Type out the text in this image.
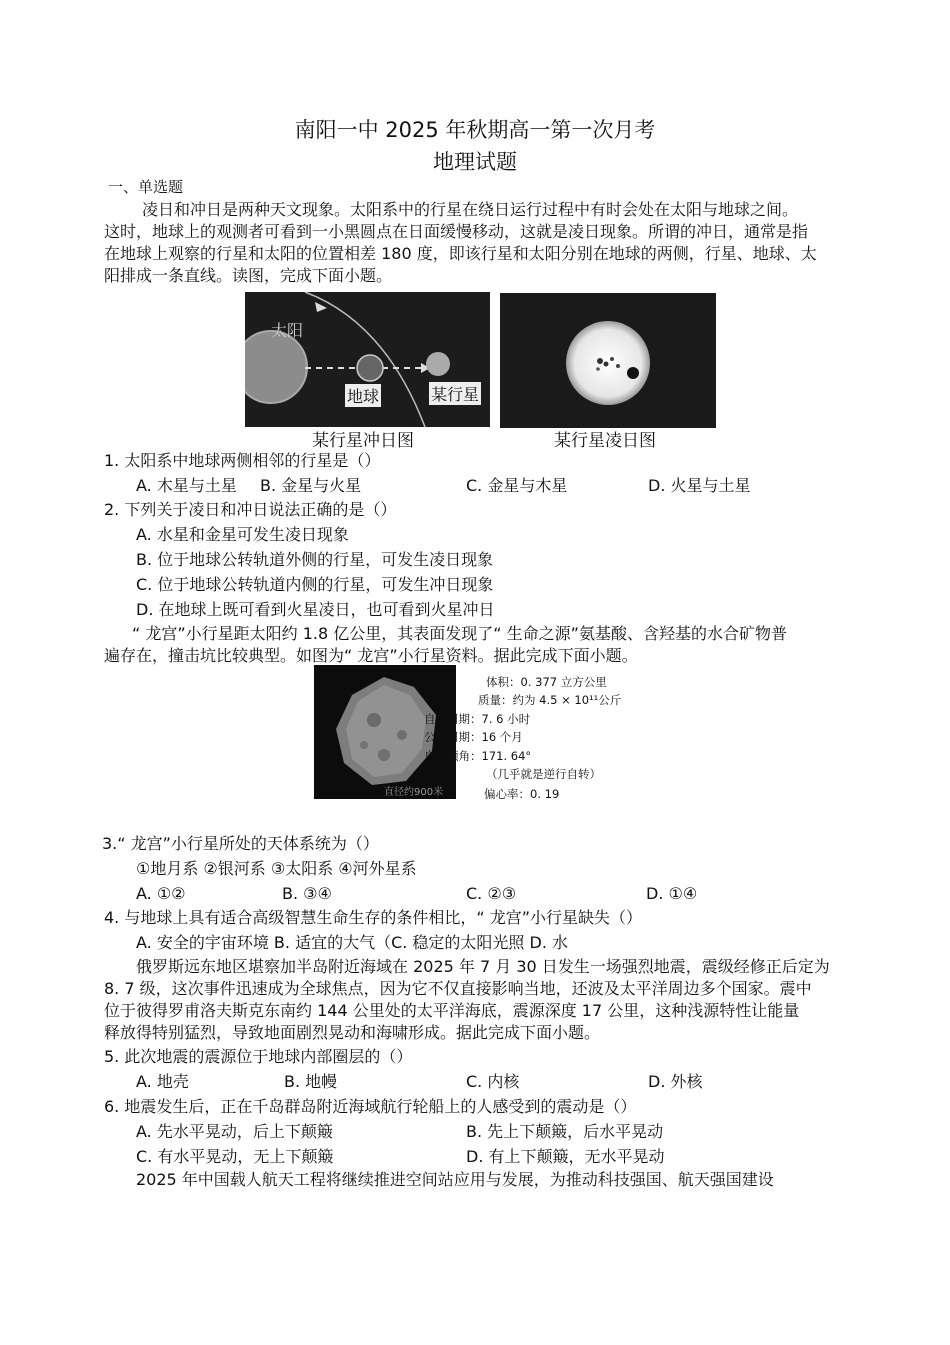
南阳一中 2025 年秋期高一第一次月考
地理试题
一、单选题
凌日和冲日是两种天文现象。太阳系中的行星在绕日运行过程中有时会处在太阳与地球之间。
这时，地球上的观测者可看到一小黑圆点在日面缓慢移动，这就是凌日现象。所谓的冲日，通常是指
在地球上观察的行星和太阳的位置相差 180 度，即该行星和太阳分别在地球的两侧，行星、地球、太
阳排成一条直线。读图，完成下面小题。
太阳
地球	某行星
某行星冲日图	某行星凌日图
1. 太阳系中地球两侧相邻的行星是（）
A. 木星与土星 B. 金星与火星	C. 金星与木星	D. 火星与土星
2. 下列关于凌日和冲日说法正确的是（）
A. 水星和金星可发生凌日现象
B. 位于地球公转轨道外侧的行星，可发生凌日现象
C. 位于地球公转轨道内侧的行星，可发生冲日现象
D. 在地球上既可看到火星凌日，也可看到火星冲日
“ 龙宫”小行星距太阳约 1.8 亿公里，其表面发现了“ 生命之源”氨基酸、含羟基的水合矿物普
遍存在，撞击坑比较典型。如图为“ 龙宫”小行星资料。据此完成下面小题。
直径约900米
体积：0. 377 立方公里
质量：约为 4.5 × 10¹¹公斤
自转周期：7. 6 小时
公转周期：16 个月
自转倾角：171. 64°
（几乎就是逆行自转）
偏心率：0. 19
3.“ 龙宫”小行星所处的天体系统为（）
①地月系 ②银河系 ③太阳系 ④河外星系
A. ①②	B. ③④	C. ②③	D. ①④
4. 与地球上具有适合高级智慧生命生存的条件相比，“ 龙宫”小行星缺失（）
A. 安全的宇宙环境 B. 适宜的大气（C. 稳定的太阳光照 D. 水
俄罗斯远东地区堪察加半岛附近海域在 2025 年 7 月 30 日发生一场强烈地震，震级经修正后定为
8. 7 级，这次事件迅速成为全球焦点，因为它不仅直接影响当地，还波及太平洋周边多个国家。震中
位于彼得罗甫洛夫斯克东南约 144 公里处的太平洋海底，震源深度 17 公里，这种浅源特性让能量
释放得特别猛烈，导致地面剧烈晃动和海啸形成。据此完成下面小题。
5. 此次地震的震源位于地球内部圈层的（）
A. 地壳	B. 地幔	C. 内核	D. 外核
6. 地震发生后，正在千岛群岛附近海域航行轮船上的人感受到的震动是（）
A. 先水平晃动，后上下颠簸	B. 先上下颠簸，后水平晃动
C. 有水平晃动，无上下颠簸	D. 有上下颠簸，无水平晃动
2025 年中国载人航天工程将继续推进空间站应用与发展，为推动科技强国、航天强国建设
